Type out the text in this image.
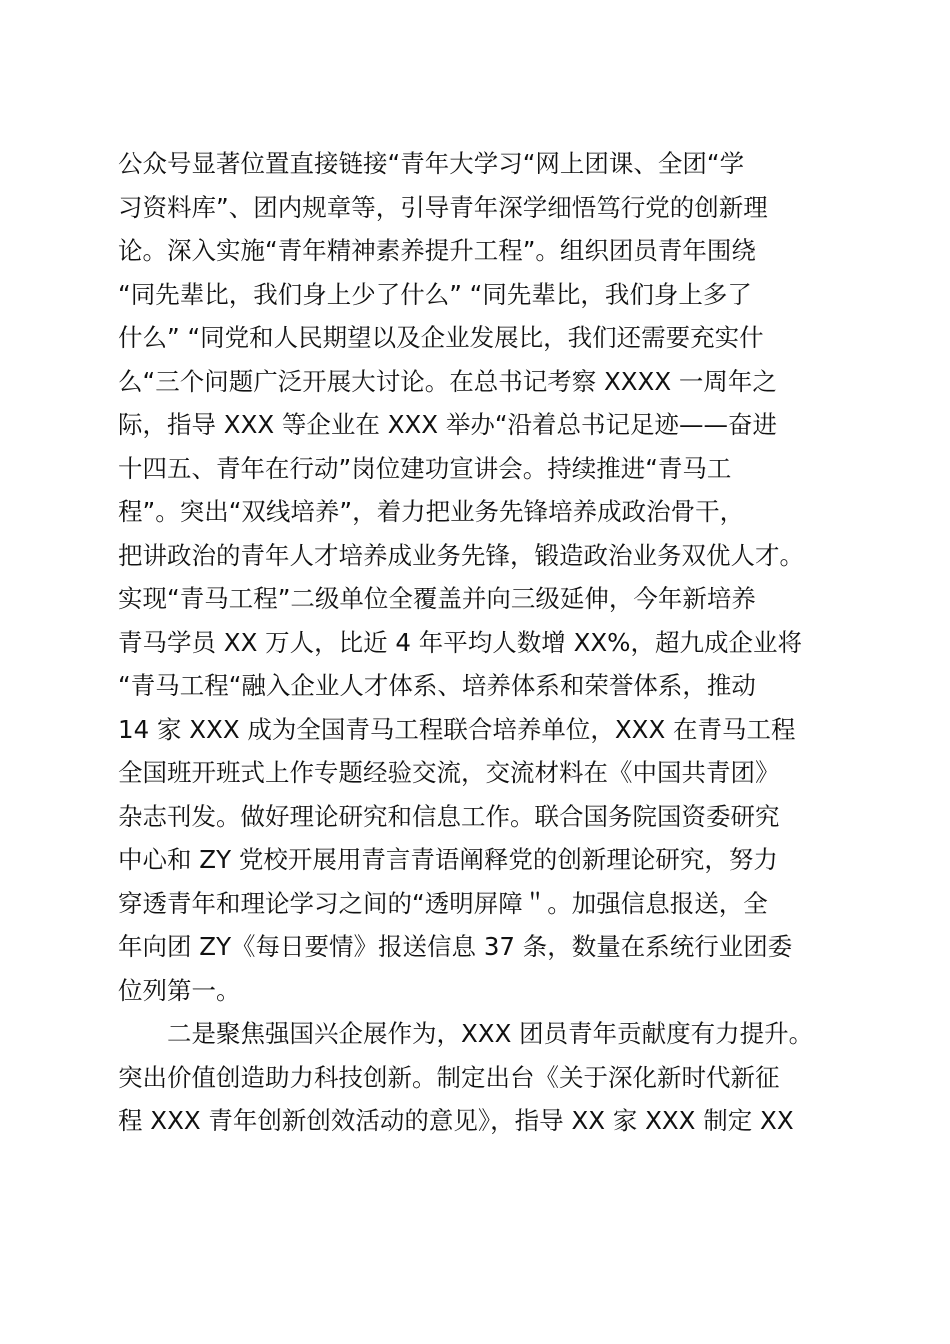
公众号显著位置直接链接“青年大学习“网上团课、全团“学
习资料库”、团内规章等，引导青年深学细悟笃行党的创新理
论。深入实施“青年精神素养提升工程”。组织团员青年围绕
“同先辈比，我们身上少了什么” “同先辈比，我们身上多了
什么” “同党和人民期望以及企业发展比，我们还需要充实什
么“三个问题广泛开展大讨论。在总书记考察 XXXX 一周年之
际，指导 XXX 等企业在 XXX 举办“沿着总书记足迹——奋进
十四五、青年在行动”岗位建功宣讲会。持续推进“青马工
程”。突出“双线培养”，着力把业务先锋培养成政治骨干，
把讲政治的青年人才培养成业务先锋，锻造政治业务双优人才。
实现“青马工程”二级单位全覆盖并向三级延伸，今年新培养
青马学员 XX 万人，比近 4 年平均人数增 XX%，超九成企业将
“青马工程“融入企业人才体系、培养体系和荣誉体系，推动
14 家 XXX 成为全国青马工程联合培养单位，XXX 在青马工程
全国班开班式上作专题经验交流，交流材料在《中国共青团》
杂志刊发。做好理论研究和信息工作。联合国务院国资委研究
中心和 ZY 党校开展用青言青语阐释党的创新理论研究，努力
穿透青年和理论学习之间的“透明屏障＂。加强信息报送，全
年向团 ZY《每日要情》报送信息 37 条，数量在系统行业团委
位列第一。
　　二是聚焦强国兴企展作为，XXX 团员青年贡献度有力提升。
突出价值创造助力科技创新。制定出台《关于深化新时代新征
程 XXX 青年创新创效活动的意见》，指导 XX 家 XXX 制定 XX
